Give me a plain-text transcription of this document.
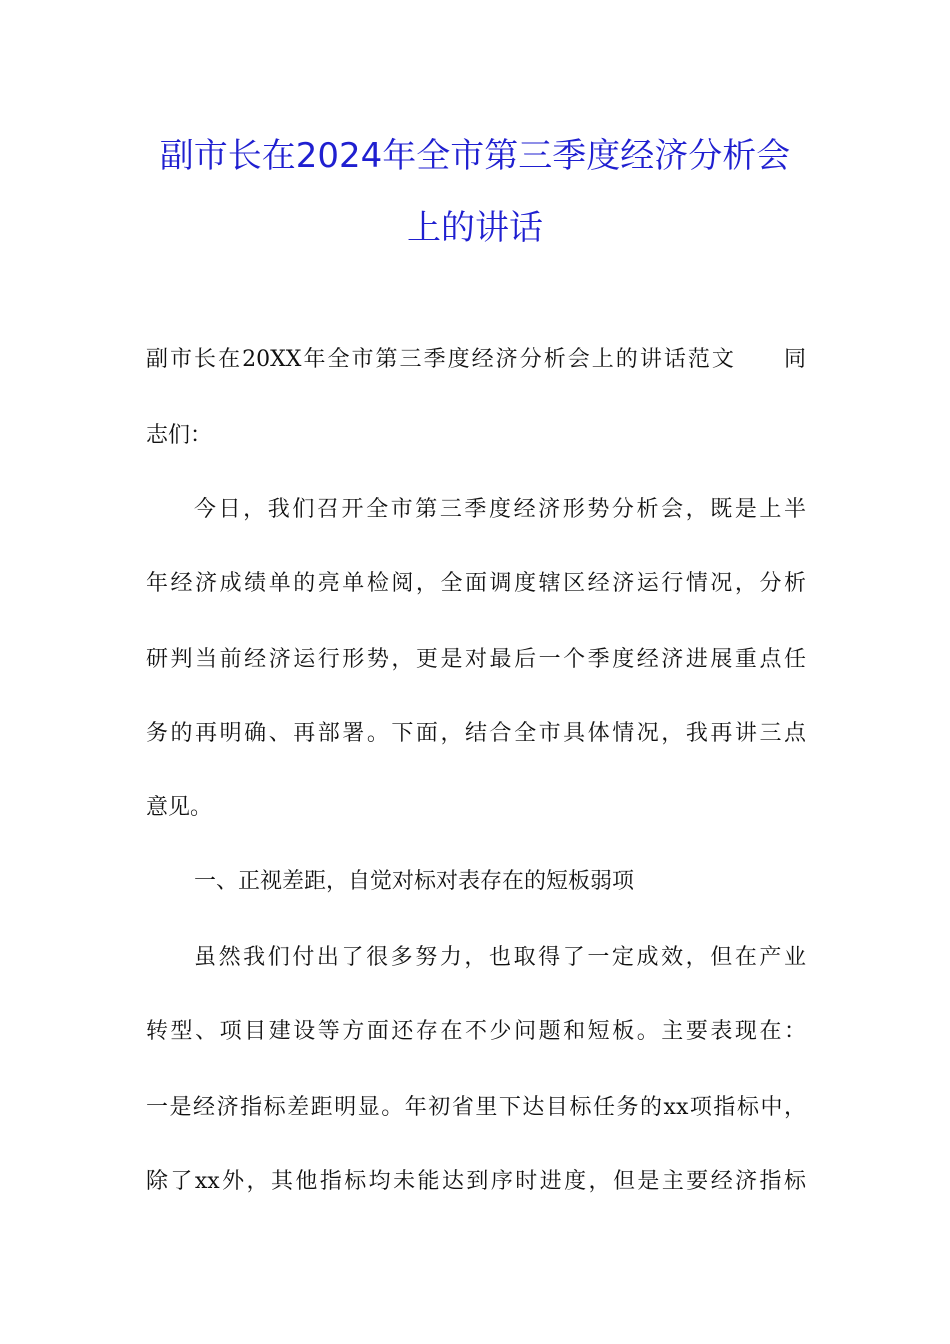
副市长在2024年全市第三季度经济分析会
上的讲话
副市长在20XX年全市第三季度经济分析会上的讲话范文　　同
志们：
今日，我们召开全市第三季度经济形势分析会，既是上半
年经济成绩单的亮单检阅，全面调度辖区经济运行情况，分析
研判当前经济运行形势，更是对最后一个季度经济进展重点任
务的再明确、再部署。下面，结合全市具体情况，我再讲三点
意见。
一、正视差距，自觉对标对表存在的短板弱项
虽然我们付出了很多努力，也取得了一定成效，但在产业
转型、项目建设等方面还存在不少问题和短板。主要表现在：
一是经济指标差距明显。年初省里下达目标任务的xx项指标中，
除了xx外，其他指标均未能达到序时进度，但是主要经济指标
